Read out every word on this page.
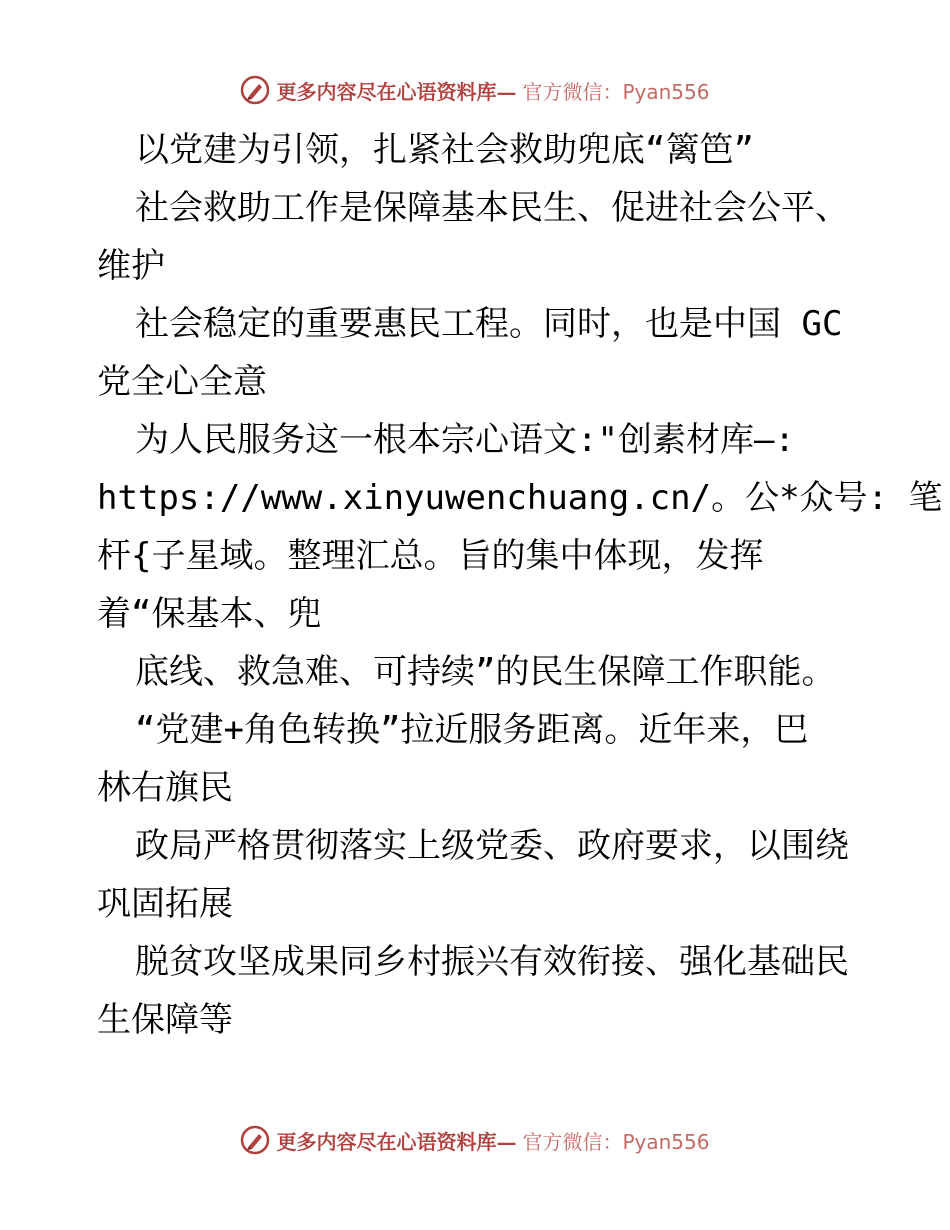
更多内容尽在心语资料库— 官方微信：Pyan556
以党建为引领，扎紧社会救助兜底“篱笆”
社会救助工作是保障基本民生、促进社会公平、
维护
社会稳定的重要惠民工程。同时，也是中国 GC
党全心全意
为人民服务这一根本宗心语文:"创素材库—:
https://www.xinyuwenchuang.cn/。公*众号: 笔
杆{子星域。整理汇总。旨的集中体现，发挥
着“保基本、兜
底线、救急难、可持续”的民生保障工作职能。
“党建+角色转换”拉近服务距离。近年来，巴
林右旗民
政局严格贯彻落实上级党委、政府要求，以围绕
巩固拓展
脱贫攻坚成果同乡村振兴有效衔接、强化基础民
生保障等
更多内容尽在心语资料库— 官方微信：Pyan556
